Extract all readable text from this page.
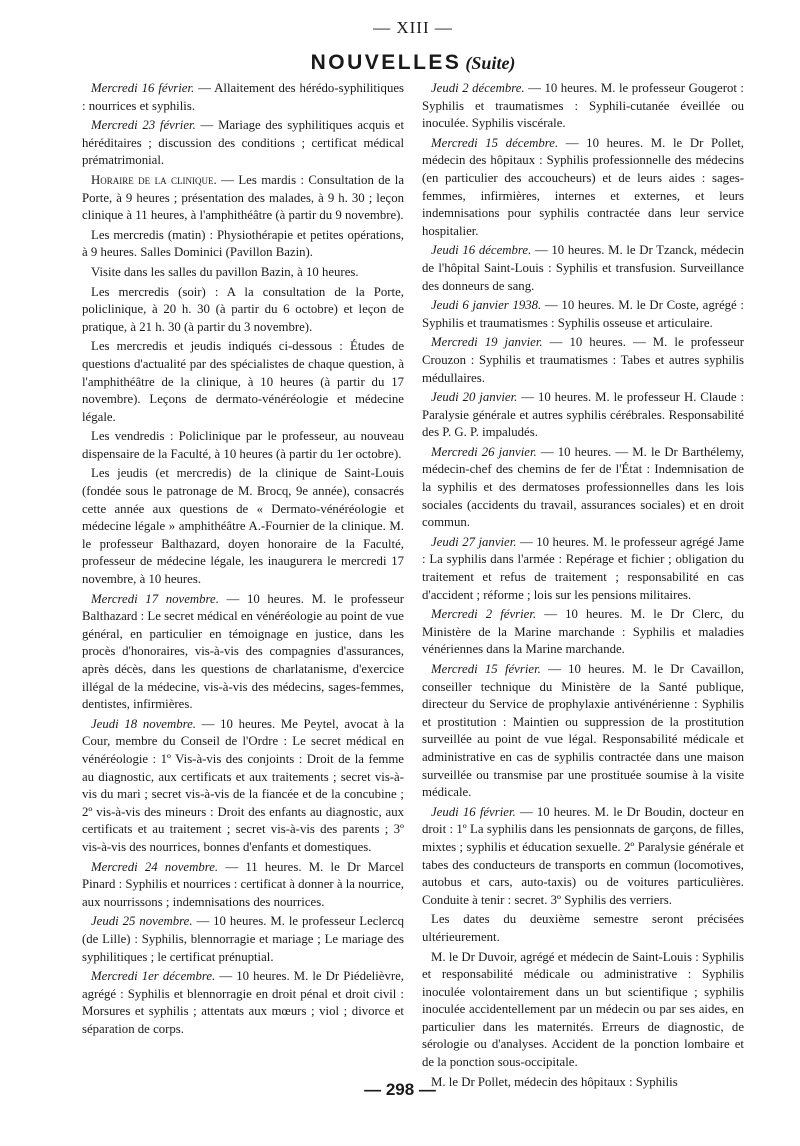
— XIII —
NOUVELLES (Suite)

Mercredi 16 février. — Allaitement des hérédo-syphilitiques : nourrices et syphilis.

Mercredi 23 février. — Mariage des syphilitiques acquis et héréditaires ; discussion des conditions ; certificat médical prématrimonial.

Horaire de la clinique. — Les mardis : Consultation de la Porte, à 9 heures ; présentation des malades, à 9 h. 30 ; leçon clinique à 11 heures, à l'amphithéâtre (à partir du 9 novembre).

Les mercredis (matin) : Physiothérapie et petites opérations, à 9 heures. Salles Dominici (Pavillon Bazin).

Visite dans les salles du pavillon Bazin, à 10 heures.

Les mercredis (soir) : A la consultation de la Porte, policlinique, à 20 h. 30 (à partir du 6 octobre) et leçon de pratique, à 21 h. 30 (à partir du 3 novembre).

Les mercredis et jeudis indiqués ci-dessous : Études de questions d'actualité par des spécialistes de chaque question, à l'amphithéâtre de la clinique, à 10 heures (à partir du 17 novembre). Leçons de dermato-vénéréologie et médecine légale.

Les vendredis : Policlinique par le professeur, au nouveau dispensaire de la Faculté, à 10 heures (à partir du 1er octobre).

Les jeudis (et mercredis) de la clinique de Saint-Louis (fondée sous le patronage de M. Brocq, 9e année), consacrés cette année aux questions de « Dermato-vénéréologie et médecine légale » amphithéâtre A.-Fournier de la clinique. M. le professeur Balthazard, doyen honoraire de la Faculté, professeur de médecine légale, les inaugurera le mercredi 17 novembre, à 10 heures.

Mercredi 17 novembre. — 10 heures. M. le professeur Balthazard : Le secret médical en vénéréologie au point de vue général, en particulier en témoignage en justice, dans les procès d'honoraires, vis-à-vis des compagnies d'assurances, après décès, dans les questions de charlatanisme, d'exercice illégal de la médecine, vis-à-vis des médecins, sages-femmes, dentistes, infirmières.

Jeudi 18 novembre. — 10 heures. Me Peytel, avocat à la Cour, membre du Conseil de l'Ordre : Le secret médical en vénéréologie : 1º Vis-à-vis des conjoints : Droit de la femme au diagnostic, aux certificats et aux traitements ; secret vis-à-vis du mari ; secret vis-à-vis de la fiancée et de la concubine ; 2º vis-à-vis des mineurs : Droit des enfants au diagnostic, aux certificats et au traitement ; secret vis-à-vis des parents ; 3º vis-à-vis des nourrices, bonnes d'enfants et domestiques.

Mercredi 24 novembre. — 11 heures. M. le Dr Marcel Pinard : Syphilis et nourrices : certificat à donner à la nourrice, aux nourrissons ; indemnisations des nourrices.

Jeudi 25 novembre. — 10 heures. M. le professeur Leclercq (de Lille) : Syphilis, blennorragie et mariage ; Le mariage des syphilitiques ; le certificat prénuptial.

Mercredi 1er décembre. — 10 heures. M. le Dr Piédelièvre, agrégé : Syphilis et blennorragie en droit pénal et droit civil : Morsures et syphilis ; attentats aux mœurs ; viol ; divorce et séparation de corps.

Jeudi 2 décembre. — 10 heures. M. le professeur Gougerot : Syphilis et traumatismes : Syphili-cutanée éveillée ou inoculée. Syphilis viscérale.

Mercredi 15 décembre. — 10 heures. M. le Dr Pollet, médecin des hôpitaux : Syphilis professionnelle des médecins (en particulier des accoucheurs) et de leurs aides : sages-femmes, infirmières, internes et externes, et leurs indemnisations pour syphilis contractée dans leur service hospitalier.

Jeudi 16 décembre. — 10 heures. M. le Dr Tzanck, médecin de l'hôpital Saint-Louis : Syphilis et transfusion. Surveillance des donneurs de sang.

Jeudi 6 janvier 1938. — 10 heures. M. le Dr Coste, agrégé : Syphilis et traumatismes : Syphilis osseuse et articulaire.

Mercredi 19 janvier. — 10 heures. — M. le professeur Crouzon : Syphilis et traumatismes : Tabes et autres syphilis médullaires.

Jeudi 20 janvier. — 10 heures. M. le professeur H. Claude : Paralysie générale et autres syphilis cérébrales. Responsabilité des P. G. P. impaludés.

Mercredi 26 janvier. — 10 heures. — M. le Dr Barthélemy, médecin-chef des chemins de fer de l'État : Indemnisation de la syphilis et des dermatoses professionnelles dans les lois sociales (accidents du travail, assurances sociales) et en droit commun.

Jeudi 27 janvier. — 10 heures. M. le professeur agrégé Jame : La syphilis dans l'armée : Repérage et fichier ; obligation du traitement et refus de traitement ; responsabilité en cas d'accident ; réforme ; lois sur les pensions militaires.

Mercredi 2 février. — 10 heures. M. le Dr Clerc, du Ministère de la Marine marchande : Syphilis et maladies vénériennes dans la Marine marchande.

Mercredi 15 février. — 10 heures. M. le Dr Cavaillon, conseiller technique du Ministère de la Santé publique, directeur du Service de prophylaxie antivénérienne : Syphilis et prostitution : Maintien ou suppression de la prostitution surveillée au point de vue légal. Responsabilité médicale et administrative en cas de syphilis contractée dans une maison surveillée ou transmise par une prostituée soumise à la visite médicale.

Jeudi 16 février. — 10 heures. M. le Dr Boudin, docteur en droit : 1º La syphilis dans les pensionnats de garçons, de filles, mixtes ; syphilis et éducation sexuelle. 2º Paralysie générale et tabes des conducteurs de transports en commun (locomotives, autobus et cars, auto-taxis) ou de voitures particulières. Conduite à tenir : secret. 3º Syphilis des verriers.

Les dates du deuxième semestre seront précisées ultérieurement.

M. le Dr Duvoir, agrégé et médecin de Saint-Louis : Syphilis et responsabilité médicale ou administrative : Syphilis inoculée volontairement dans un but scientifique ; syphilis inoculée accidentellement par un médecin ou par ses aides, en particulier dans les maternités. Erreurs de diagnostic, de sérologie ou d'analyses. Accident de la ponction lombaire et de la ponction sous-occipitale.

M. le Dr Pollet, médecin des hôpitaux : Syphilis

— 298 —
